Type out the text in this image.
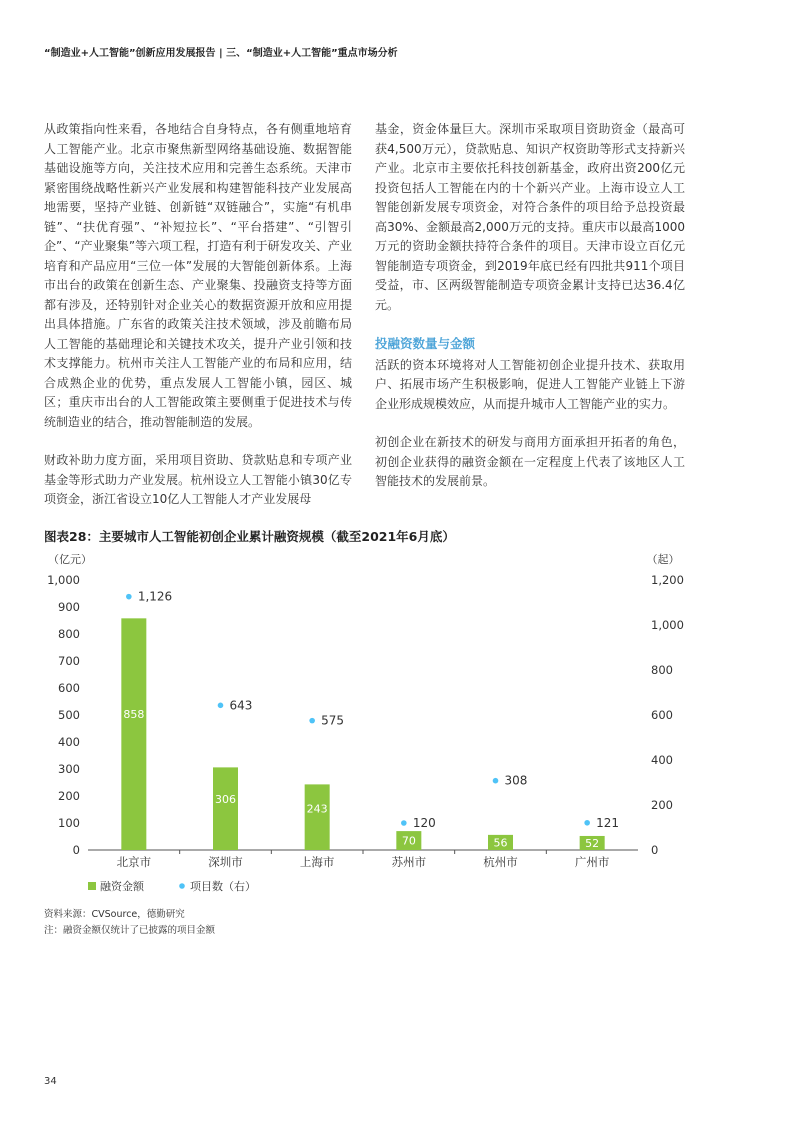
“制造业+人工智能”创新应用发展报告 | 三、“制造业+人工智能”重点市场分析

从政策指向性来看，各地结合自身特点，各有侧重地培育人工智能产业。北京市聚焦新型网络基础设施、数据智能基础设施等方向，关注技术应用和完善生态系统。天津市紧密围绕战略性新兴产业发展和构建智能科技产业发展高地需要，坚持产业链、创新链“双链融合”，实施“有机串链”、“扶优育强”、“补短拉长”、“平台搭建”、“引智引企”、“产业聚集”等六项工程，打造有利于研发攻关、产业培育和产品应用“三位一体”发展的大智能创新体系。上海市出台的政策在创新生态、产业聚集、投融资支持等方面都有涉及，还特别针对企业关心的数据资源开放和应用提出具体措施。广东省的政策关注技术领域，涉及前瞻布局人工智能的基础理论和关键技术攻关，提升产业引领和技术支撑能力。杭州市关注人工智能产业的布局和应用，结合成熟企业的优势，重点发展人工智能小镇，园区、城区；重庆市出台的人工智能政策主要侧重于促进技术与传统制造业的结合，推动智能制造的发展。

财政补助力度方面，采用项目资助、贷款贴息和专项产业基金等形式助力产业发展。杭州设立人工智能小镇30亿专项资金，浙江省设立10亿人工智能人才产业发展母

基金，资金体量巨大。深圳市采取项目资助资金（最高可获4,500万元），贷款贴息、知识产权资助等形式支持新兴产业。北京市主要依托科技创新基金，政府出资200亿元投资包括人工智能在内的十个新兴产业。上海市设立人工智能创新发展专项资金，对符合条件的项目给予总投资最高30%、金额最高2,000万元的支持。重庆市以最高1000万元的资助金额扶持符合条件的项目。天津市设立百亿元智能制造专项资金，到2019年底已经有四批共911个项目受益，市、区两级智能制造专项资金累计支持已达36.4亿元。

投融资数量与金额

活跃的资本环境将对人工智能初创企业提升技术、获取用户、拓展市场产生积极影响，促进人工智能产业链上下游企业形成规模效应，从而提升城市人工智能产业的实力。

初创企业在新技术的研发与商用方面承担开拓者的角色，初创企业获得的融资金额在一定程度上代表了该地区人工智能技术的发展前景。

图表28：主要城市人工智能初创企业累计融资规模（截至2021年6月底）
（亿元）	（起）
0
100
200
300
400
500
600
700
800
900
1,000
0
200
400
600
800
1,000
1,200
858
1,126
北京市
306
643
深圳市
243
575
上海市
70
120
苏州市
56
308
杭州市
52
121
广州市
融资金额	项目数（右）
资料来源：CVSource，德勤研究
注：融资金额仅统计了已披露的项目金额
34
